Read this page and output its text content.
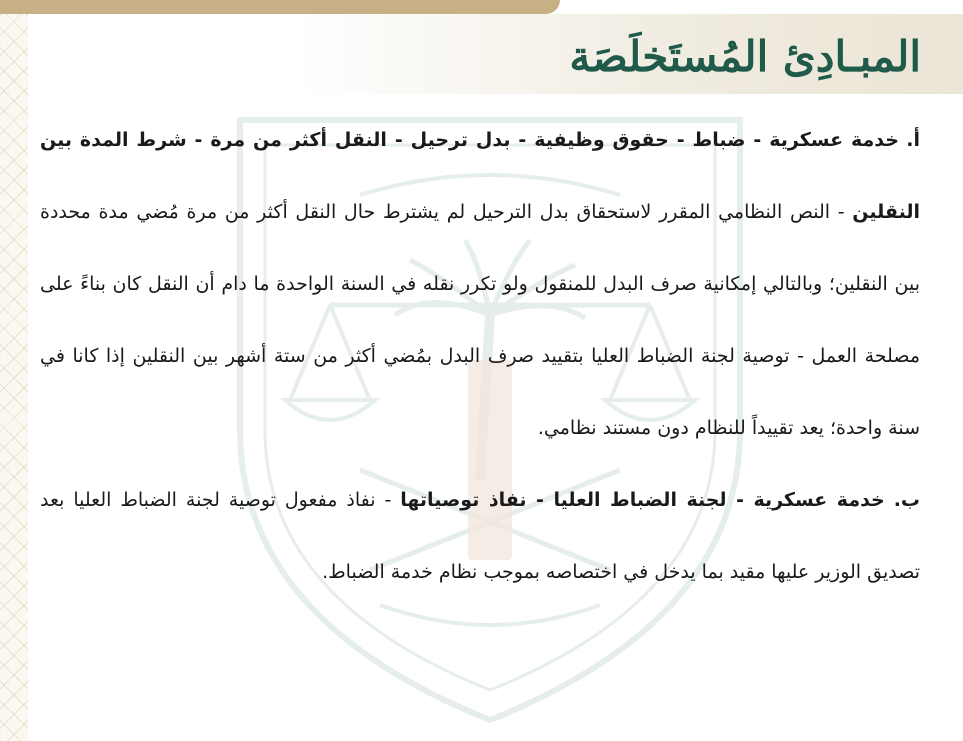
المبـادِئ المُستَخلَصَة

أ. خدمة عسكرية - ضباط - حقوق وظيفية - بدل ترحيل - النقل أكثر من مرة - شرط المدة بين النقلين - النص النظامي المقرر لاستحقاق بدل الترحيل لم يشترط حال النقل أكثر من مرة مُضي مدة محددة بين النقلين؛ وبالتالي إمكانية صرف البدل للمنقول ولو تكرر نقله في السنة الواحدة ما دام أن النقل كان بناءً على مصلحة العمل - توصية لجنة الضباط العليا بتقييد صرف البدل بمُضي أكثر من ستة أشهر بين النقلين إذا كانا في سنة واحدة؛ يعد تقييداً للنظام دون مستند نظامي.

ب. خدمة عسكرية - لجنة الضباط العليا - نفاذ توصياتها - نفاذ مفعول توصية لجنة الضباط العليا بعد تصديق الوزير عليها مقيد بما يدخل في اختصاصه بموجب نظام خدمة الضباط.
